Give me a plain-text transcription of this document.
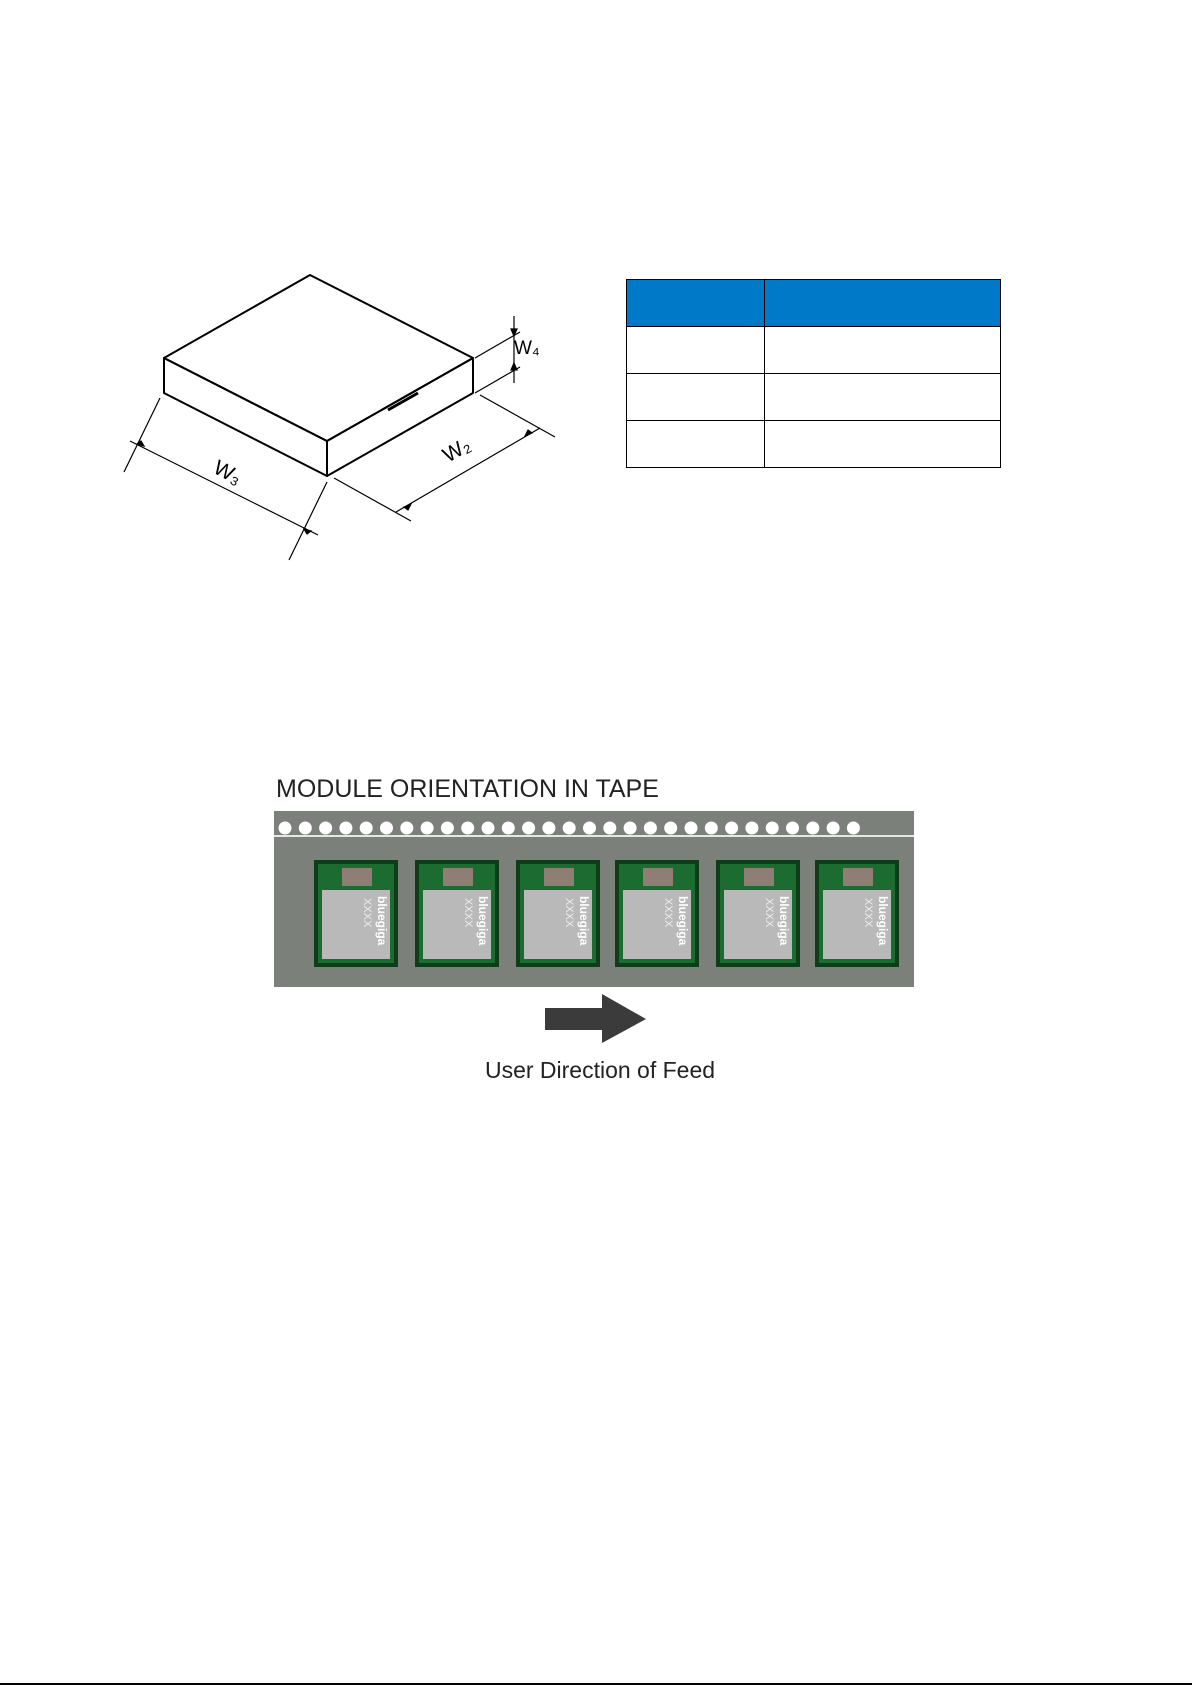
W₄
W₂
W₃

MODULE ORIENTATION IN TAPE
bluegiga
XXXX	bluegiga
XXXX	bluegiga
XXXX	bluegiga
XXXX	bluegiga
XXXX	bluegiga
XXXX
User Direction of Feed
